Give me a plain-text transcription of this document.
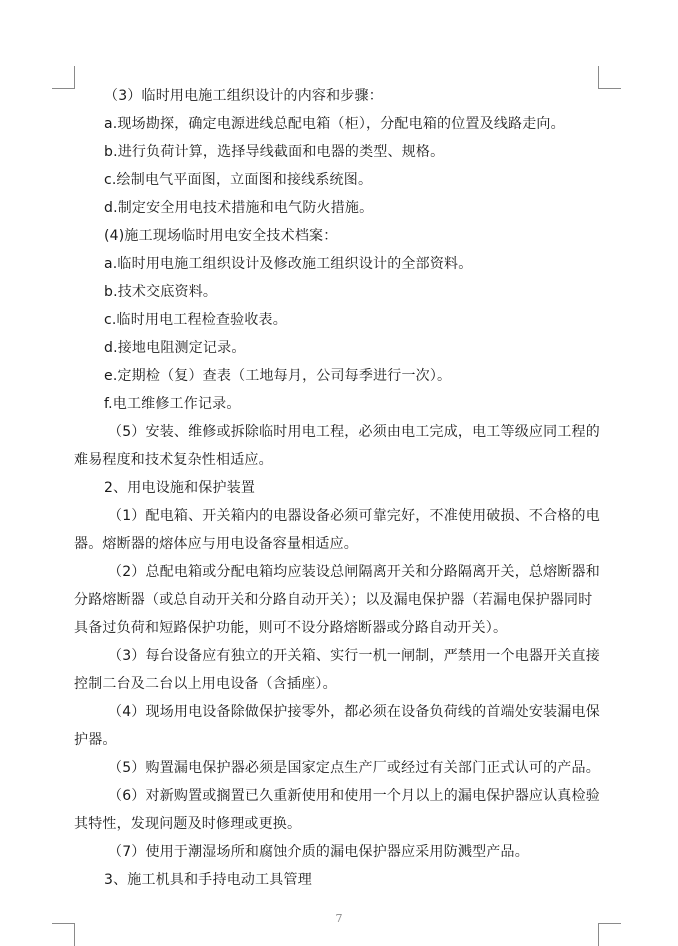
（3）临时用电施工组织设计的内容和步骤：
a.现场勘探，确定电源进线总配电箱（柜），分配电箱的位置及线路走向。
b.进行负荷计算，选择导线截面和电器的类型、规格。
c.绘制电气平面图，立面图和接线系统图。
d.制定安全用电技术措施和电气防火措施。
(4)施工现场临时用电安全技术档案：
a.临时用电施工组织设计及修改施工组织设计的全部资料。
b.技术交底资料。
c.临时用电工程检查验收表。
d.接地电阻测定记录。
e.定期检（复）查表（工地每月，公司每季进行一次）。
f.电工维修工作记录。
（5）安装、维修或拆除临时用电工程，必须由电工完成，电工等级应同工程的
难易程度和技术复杂性相适应。
2、用电设施和保护装置
（1）配电箱、开关箱内的电器设备必须可靠完好，不准使用破损、不合格的电
器。熔断器的熔体应与用电设备容量相适应。
（2）总配电箱或分配电箱均应装设总闸隔离开关和分路隔离开关，总熔断器和
分路熔断器（或总自动开关和分路自动开关）；以及漏电保护器（若漏电保护器同时
具备过负荷和短路保护功能，则可不设分路熔断器或分路自动开关）。
（3）每台设备应有独立的开关箱、实行一机一闸制，严禁用一个电器开关直接
控制二台及二台以上用电设备（含插座）。
（4）现场用电设备除做保护接零外，都必须在设备负荷线的首端处安装漏电保
护器。
（5）购置漏电保护器必须是国家定点生产厂或经过有关部门正式认可的产品。
（6）对新购置或搁置已久重新使用和使用一个月以上的漏电保护器应认真检验
其特性，发现问题及时修理或更换。
（7）使用于潮湿场所和腐蚀介质的漏电保护器应采用防溅型产品。
3、施工机具和手持电动工具管理
7
